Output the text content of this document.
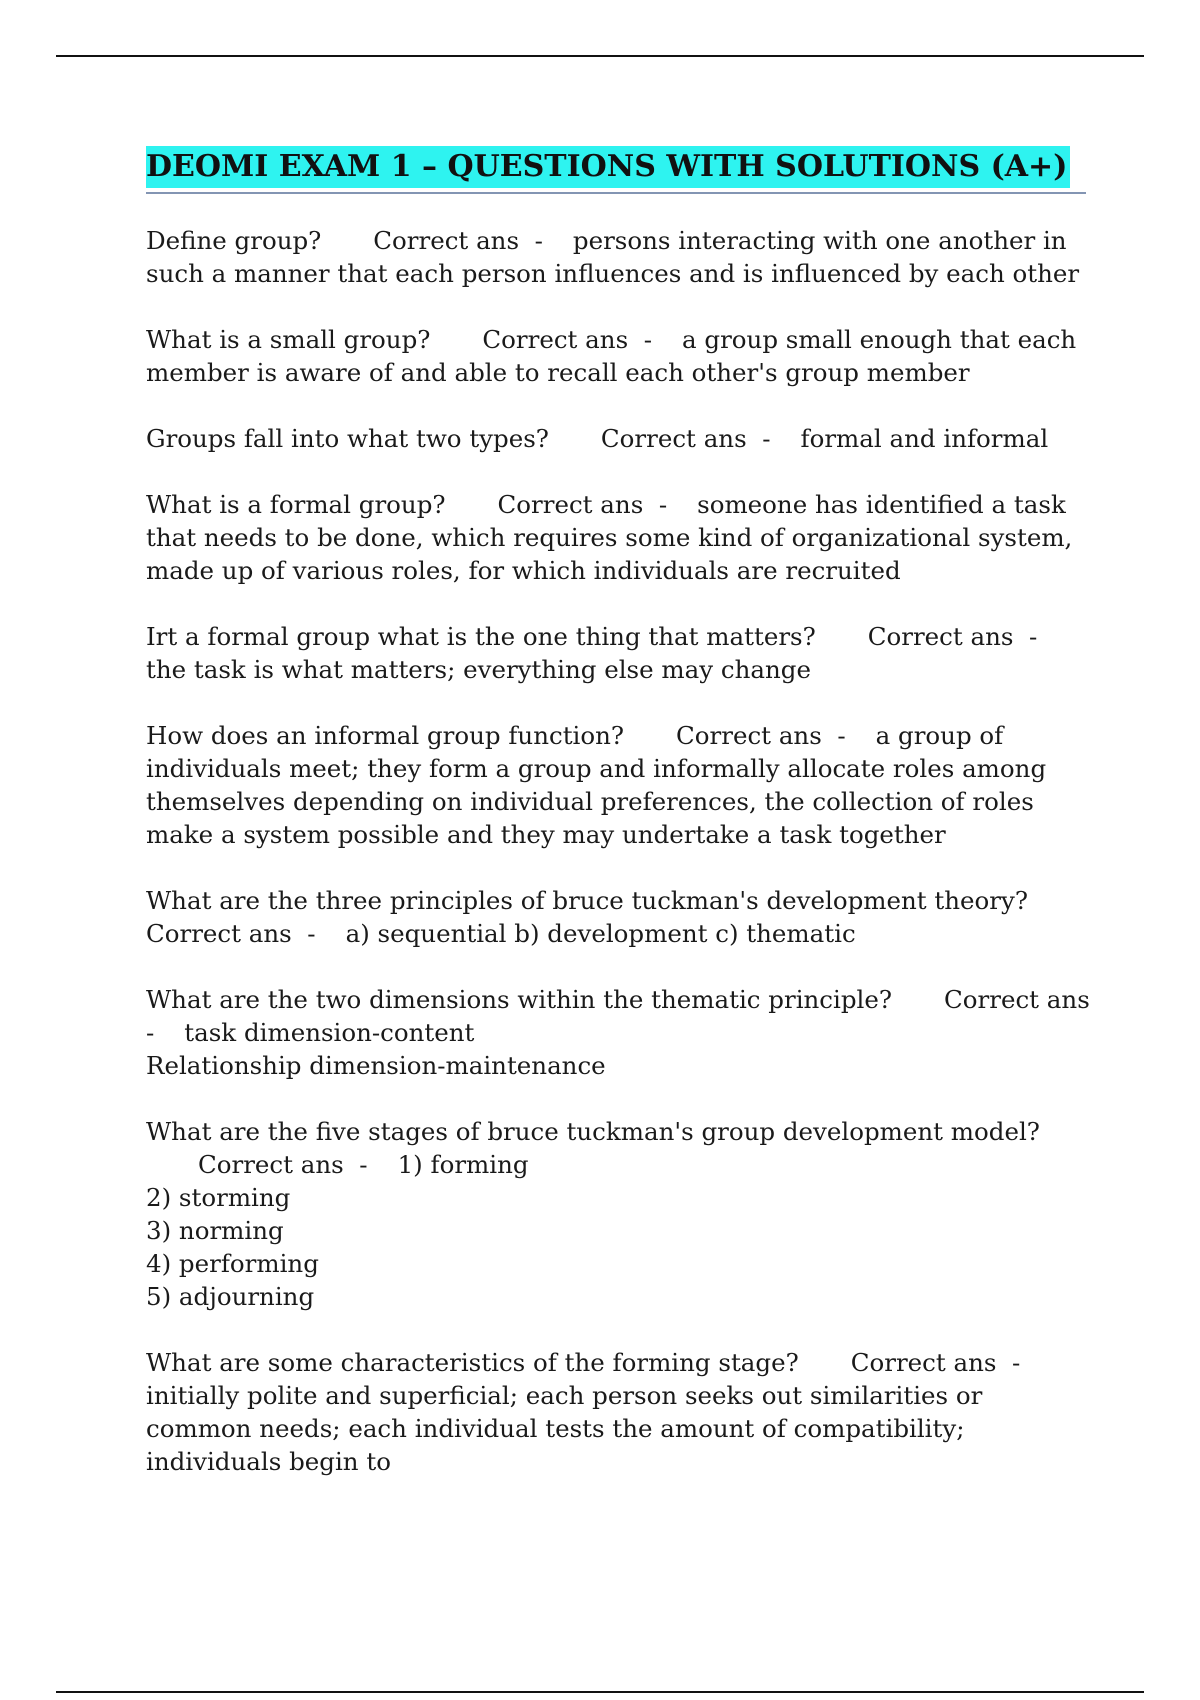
DEOMI EXAM 1 – QUESTIONS WITH SOLUTIONS (A+)

Define group? Correct ans  - persons interacting with one another in such a manner that each person influences and is influenced by each other

What is a small group? Correct ans  - a group small enough that each member is aware of and able to recall each other's group member

Groups fall into what two types? Correct ans  - formal and informal

What is a formal group? Correct ans  - someone has identified a task that needs to be done, which requires some kind of organizational system, made up of various roles, for which individuals are recruited

Irt a formal group what is the one thing that matters? Correct ans  -the task is what matters; everything else may change

How does an informal group function? Correct ans  - a group of individuals meet; they form a group and informally allocate roles among themselves depending on individual preferences, the collection of roles make a system possible and they may undertake a task together

What are the three principles of bruce tuckman's development theory?Correct ans  - a) sequential b) development c) thematic

What are the two dimensions within the thematic principle? Correct ans  - task dimension-content
Relationship dimension-maintenance

What are the five stages of bruce tuckman's group development model?Correct ans  - 1) forming
2) storming
3) norming
4) performing
5) adjourning

What are some characteristics of the forming stage? Correct ans  -initially polite and superficial; each person seeks out similarities or common needs; each individual tests the amount of compatibility; individuals begin to
